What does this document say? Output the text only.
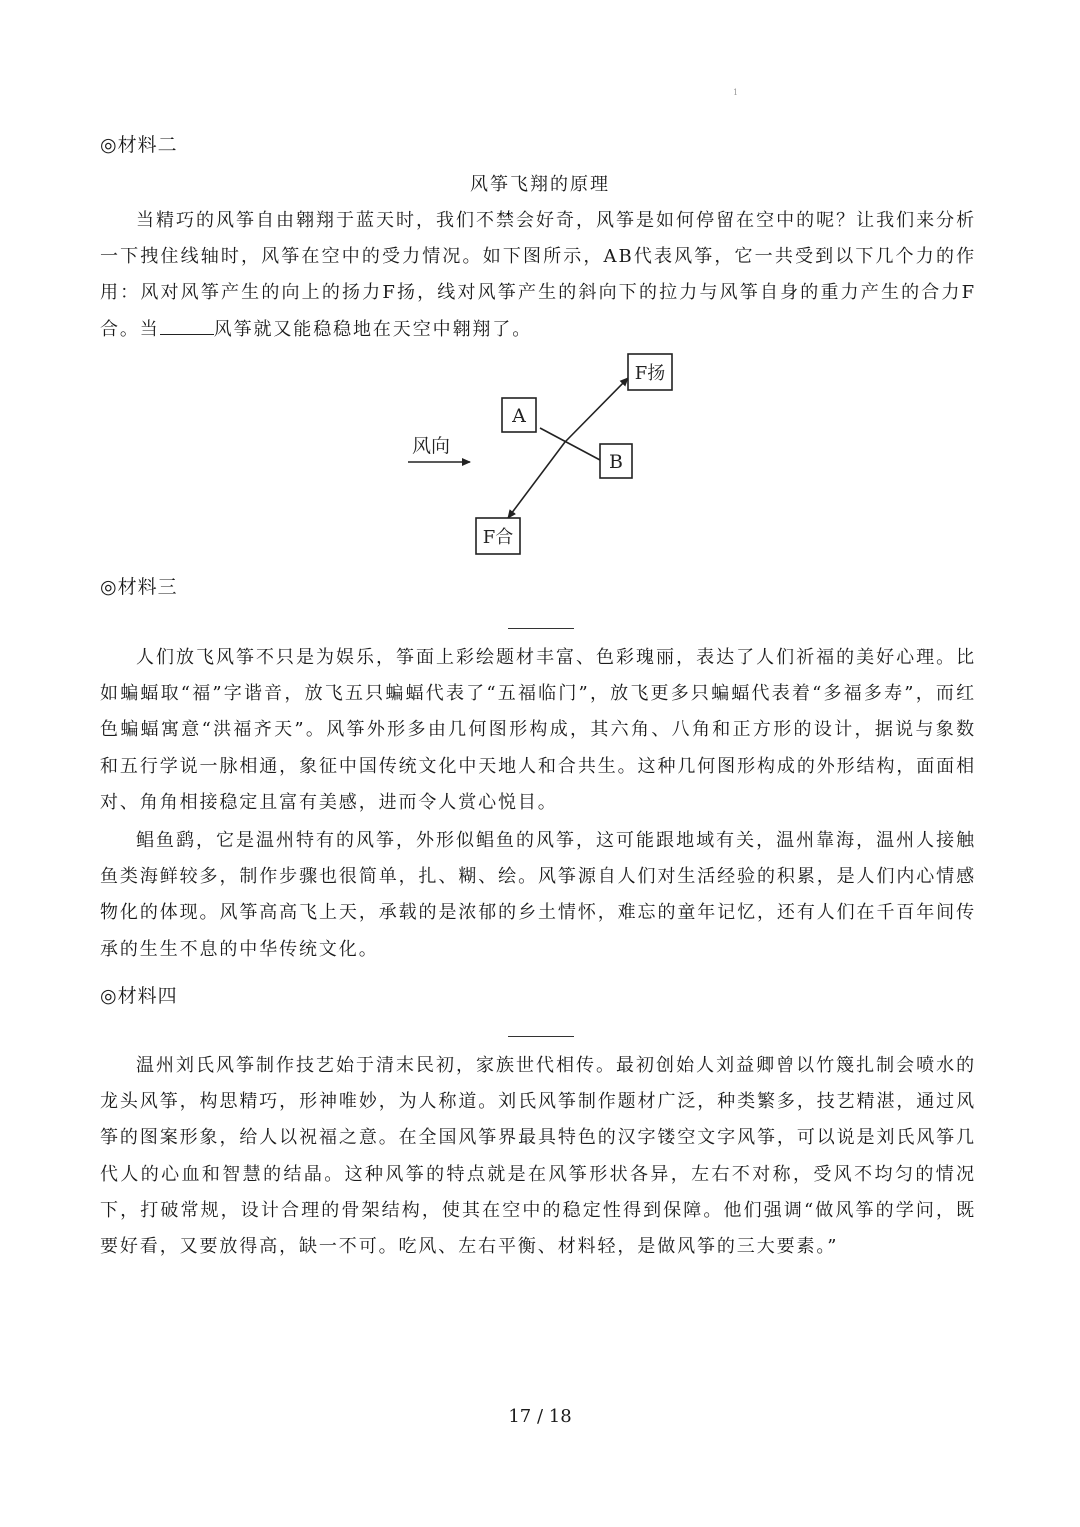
1
◎材料二
风筝飞翔的原理

当精巧的风筝自由翱翔于蓝天时，我们不禁会好奇，风筝是如何停留在空中的呢？让我们来分析一下拽住线轴时，风筝在空中的受力情况。如下图所示，AB代表风筝，它一共受到以下几个力的作用：风对风筝产生的向上的扬力F扬，线对风筝产生的斜向下的拉力与风筝自身的重力产生的合力F合。当	风筝就又能稳稳地在天空中翱翔了。

风向
A
B
F扬
F合
◎材料三

人们放飞风筝不只是为娱乐，筝面上彩绘题材丰富、色彩瑰丽，表达了人们祈福的美好心理。比如蝙蝠取“福”字谐音，放飞五只蝙蝠代表了“五福临门”，放飞更多只蝙蝠代表着“多福多寿”，而红色蝙蝠寓意“洪福齐天”。风筝外形多由几何图形构成，其六角、八角和正方形的设计，据说与象数和五行学说一脉相通，象征中国传统文化中天地人和合共生。这种几何图形构成的外形结构，面面相对、角角相接稳定且富有美感，进而令人赏心悦目。

鲳鱼鹞，它是温州特有的风筝，外形似鲳鱼的风筝，这可能跟地域有关，温州靠海，温州人接触鱼类海鲜较多，制作步骤也很简单，扎、糊、绘。风筝源自人们对生活经验的积累，是人们内心情感物化的体现。风筝高高飞上天，承载的是浓郁的乡土情怀，难忘的童年记忆，还有人们在千百年间传承的生生不息的中华传统文化。

◎材料四

温州刘氏风筝制作技艺始于清末民初，家族世代相传。最初创始人刘益卿曾以竹篾扎制会喷水的龙头风筝，构思精巧，形神唯妙，为人称道。刘氏风筝制作题材广泛，种类繁多，技艺精湛，通过风筝的图案形象，给人以祝福之意。在全国风筝界最具特色的汉字镂空文字风筝，可以说是刘氏风筝几代人的心血和智慧的结晶。这种风筝的特点就是在风筝形状各异，左右不对称，受风不均匀的情况下，打破常规，设计合理的骨架结构，使其在空中的稳定性得到保障。他们强调“做风筝的学问，既要好看，又要放得高，缺一不可。吃风、左右平衡、材料轻，是做风筝的三大要素。”

17 / 18
